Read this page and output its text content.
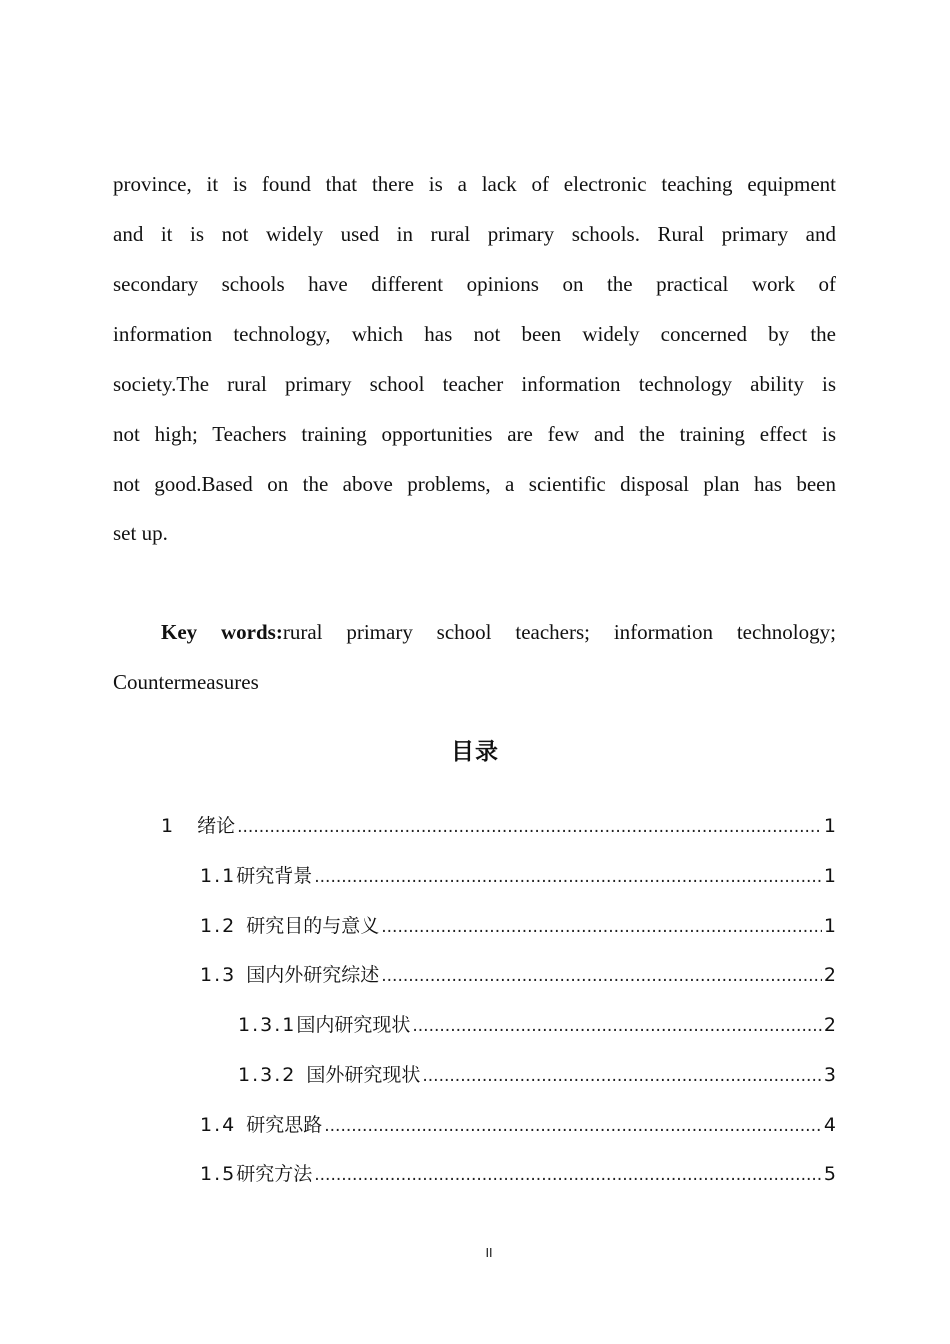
province, it is found that there is a lack of electronic teaching equipment
and it is not widely used in rural primary schools. Rural primary and
secondary schools have different opinions on the practical work of
information technology, which has not been widely concerned by the
society.The rural primary school teacher information technology ability is
not high; Teachers training opportunities are few and the training effect is
not good.Based on the above problems, a scientific disposal plan has been
set up.
Key words:rural primary school teachers; information technology;
Countermeasures
目录
1 绪论 .....	1
1.1研究背景 .....	1
1.2 研究目的与意义 .....	1
1.3 国内外研究综述 .....	2
1.3.1国内研究现状 .....	2
1.3.2 国外研究现状 .....	3
1.4 研究思路 .....	4
1.5研究方法 .....	5
II
